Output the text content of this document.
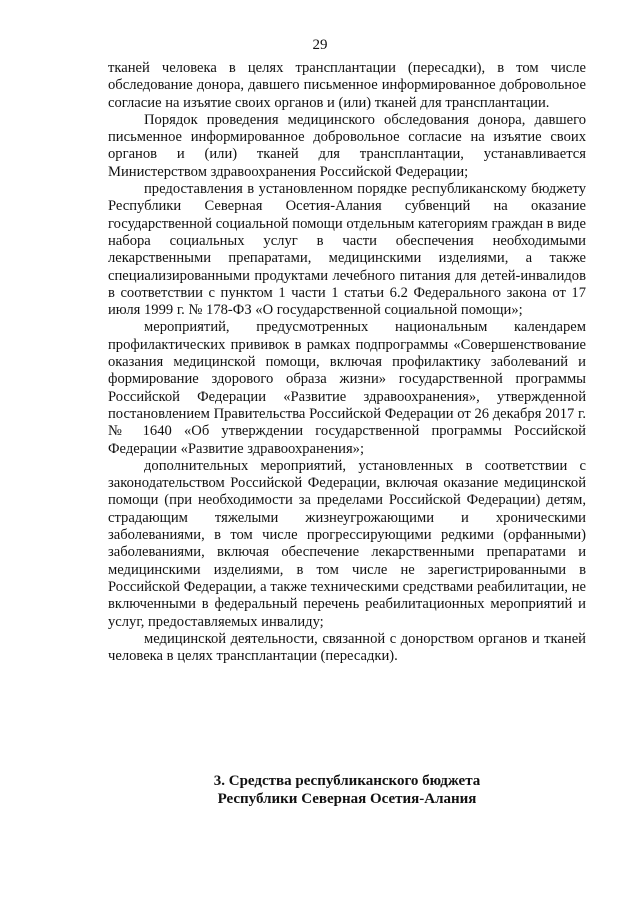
29

тканей человека в целях трансплантации (пересадки), в том числе обследование донора, давшего письменное информированное добровольное согласие на изъятие своих органов и (или) тканей для трансплантации.

Порядок проведения медицинского обследования донора, давшего письменное информированное добровольное согласие на изъятие своих органов и (или) тканей для трансплантации, устанавливается Министерством здравоохранения Российской Федерации;

предоставления в установленном порядке республиканскому бюджету Республики Северная Осетия-Алания субвенций на оказание государственной социальной помощи отдельным категориям граждан в виде набора социальных услуг в части обеспечения необходимыми лекарственными препаратами, медицинскими изделиями, а также специализированными продуктами лечебного питания для детей-инвалидов в соответствии с пунктом 1 части 1 статьи 6.2 Федерального закона от 17 июля 1999 г. № 178-ФЗ «О государственной социальной помощи»;

мероприятий, предусмотренных национальным календарем профилактических прививок в рамках подпрограммы «Совершенствование оказания медицинской помощи, включая профилактику заболеваний и формирование здорового образа жизни» государственной программы Российской Федерации «Развитие здравоохранения», утвержденной постановлением Правительства Российской Федерации от 26 декабря 2017 г. № 1640 «Об утверждении государственной программы Российской Федерации «Развитие здравоохранения»;

дополнительных мероприятий, установленных в соответствии с законодательством Российской Федерации, включая оказание медицинской помощи (при необходимости за пределами Российской Федерации) детям, страдающим тяжелыми жизнеугрожающими и хроническими заболеваниями, в том числе прогрессирующими редкими (орфанными) заболеваниями, включая обеспечение лекарственными препаратами и медицинскими изделиями, в том числе не зарегистрированными в Российской Федерации, а также техническими средствами реабилитации, не включенными в федеральный перечень реабилитационных мероприятий и услуг, предоставляемых инвалиду;

медицинской деятельности, связанной с донорством органов и тканей человека в целях трансплантации (пересадки).

3. Средства республиканского бюджета
Республики Северная Осетия-Алания
